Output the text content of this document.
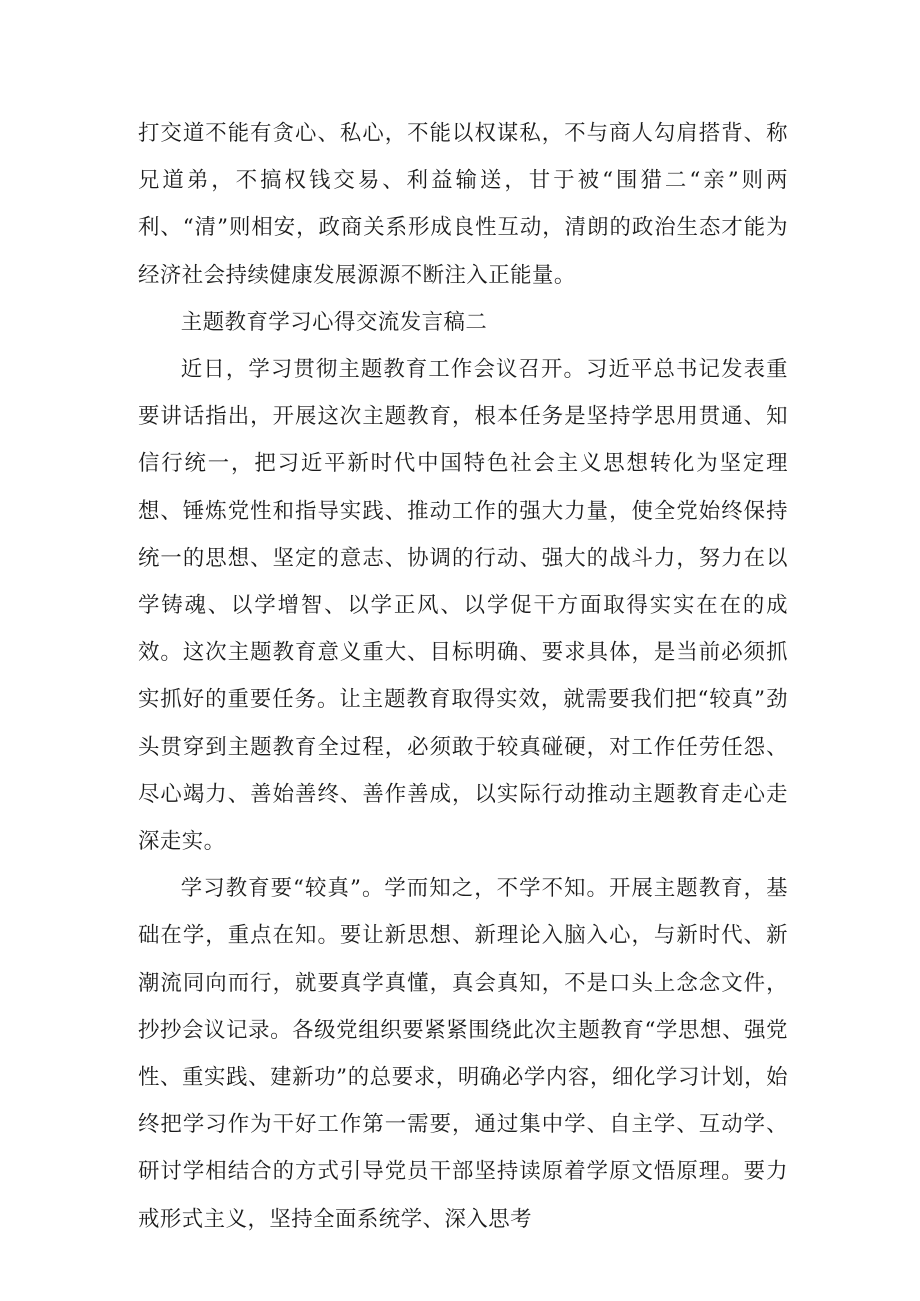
打交道不能有贪心、私心，不能以权谋私，不与商人勾肩搭背、称兄道弟，不搞权钱交易、利益输送，甘于被“围猎二“亲”则两利、“清”则相安，政商关系形成良性互动，清朗的政治生态才能为经济社会持续健康发展源源不断注入正能量。

主题教育学习心得交流发言稿二

近日，学习贯彻主题教育工作会议召开。习近平总书记发表重要讲话指出，开展这次主题教育，根本任务是坚持学思用贯通、知信行统一，把习近平新时代中国特色社会主义思想转化为坚定理想、锤炼党性和指导实践、推动工作的强大力量，使全党始终保持统一的思想、坚定的意志、协调的行动、强大的战斗力，努力在以学铸魂、以学增智、以学正风、以学促干方面取得实实在在的成效。这次主题教育意义重大、目标明确、要求具体，是当前必须抓实抓好的重要任务。让主题教育取得实效，就需要我们把“较真”劲头贯穿到主题教育全过程，必须敢于较真碰硬，对工作任劳任怨、尽心竭力、善始善终、善作善成，以实际行动推动主题教育走心走深走实。

学习教育要“较真”。学而知之，不学不知。开展主题教育，基础在学，重点在知。要让新思想、新理论入脑入心，与新时代、新潮流同向而行，就要真学真懂，真会真知，不是口头上念念文件，抄抄会议记录。各级党组织要紧紧围绕此次主题教育“学思想、强党性、重实践、建新功”的总要求，明确必学内容，细化学习计划，始终把学习作为干好工作第一需要，通过集中学、自主学、互动学、研讨学相结合的方式引导党员干部坚持读原着学原文悟原理。要力戒形式主义，坚持全面系统学、深入思考
